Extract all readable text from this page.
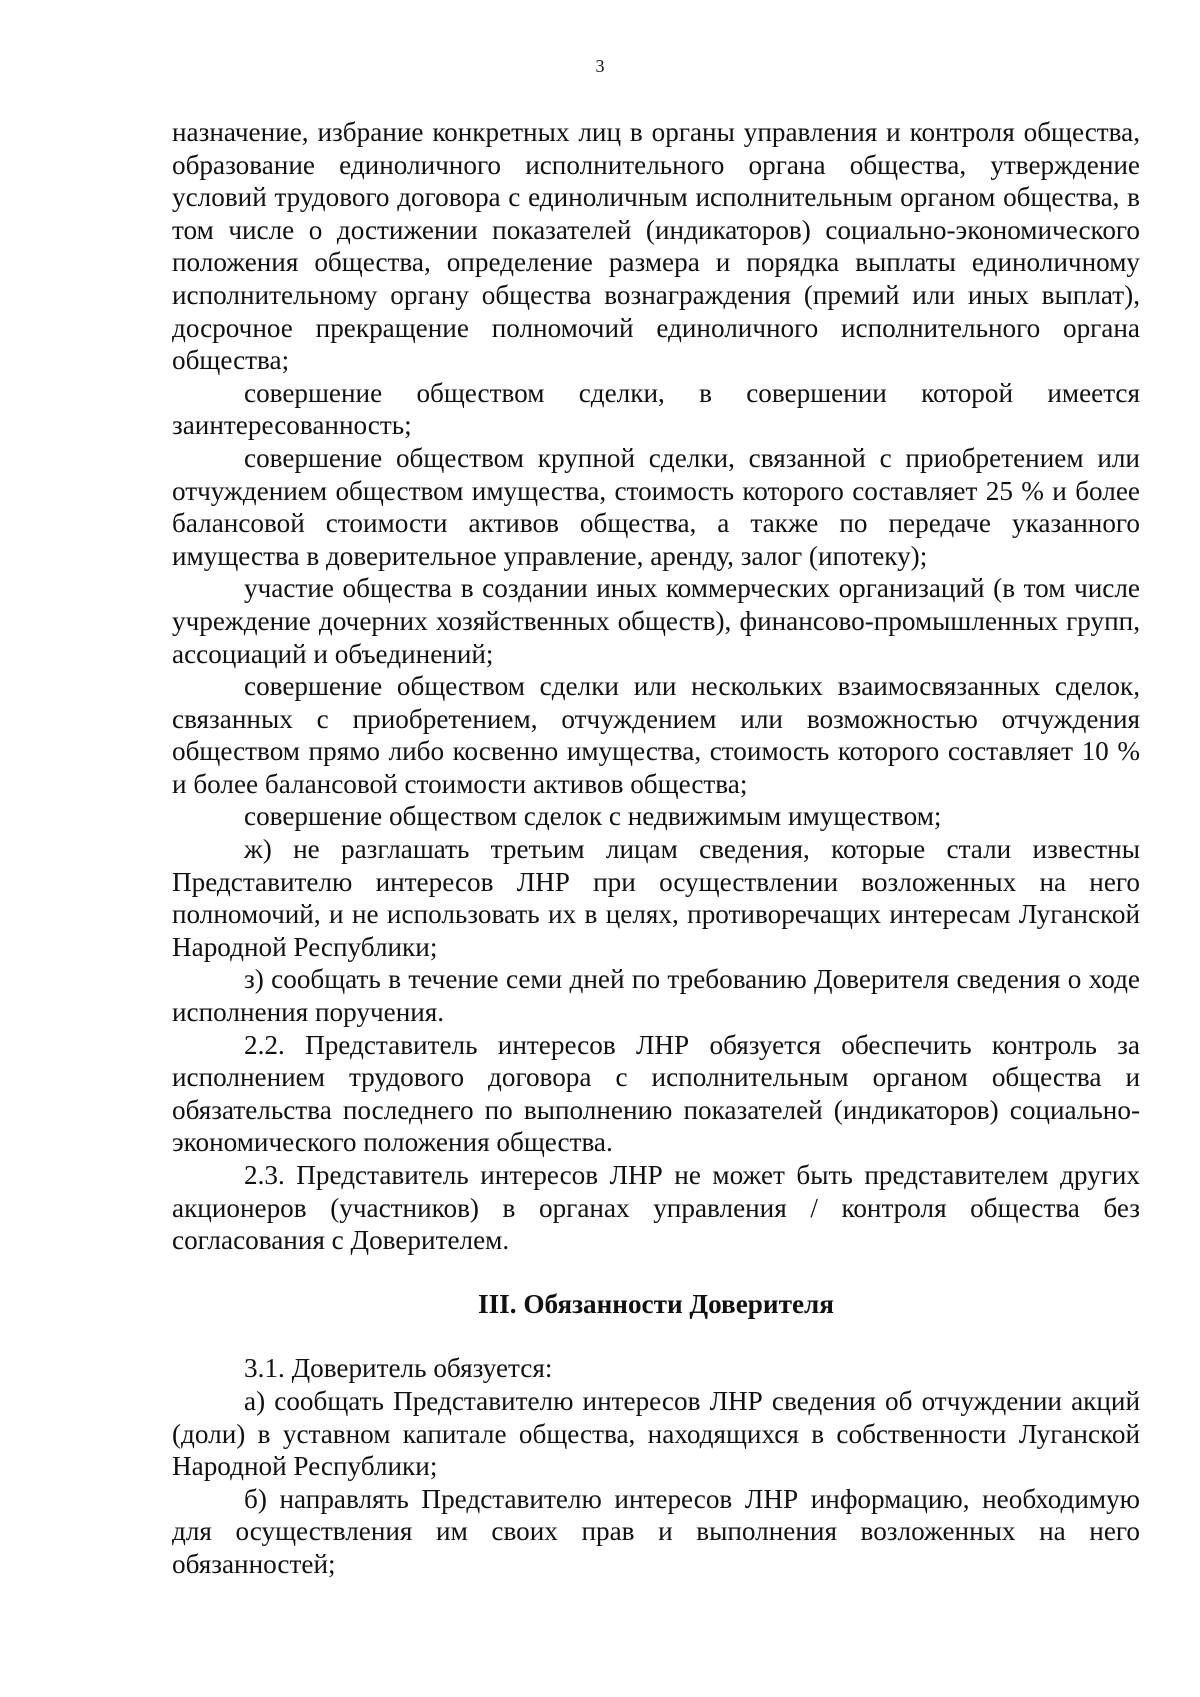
3

назначение, избрание конкретных лиц в органы управления и контроля общества, образование единоличного исполнительного органа общества, утверждение условий трудового договора с единоличным исполнительным органом общества, в том числе о достижении показателей (индикаторов) социально-экономического положения общества, определение размера и порядка выплаты единоличному исполнительному органу общества вознаграждения (премий или иных выплат), досрочное прекращение полномочий единоличного исполнительного органа общества;

совершение обществом сделки, в совершении которой имеется заинтересованность;

совершение обществом крупной сделки, связанной с приобретением или отчуждением обществом имущества, стоимость которого составляет 25 % и более балансовой стоимости активов общества, а также по передаче указанного имущества в доверительное управление, аренду, залог (ипотеку);

участие общества в создании иных коммерческих организаций (в том числе учреждение дочерних хозяйственных обществ), финансово-промышленных групп, ассоциаций и объединений;

совершение обществом сделки или нескольких взаимосвязанных сделок, связанных с приобретением, отчуждением или возможностью отчуждения обществом прямо либо косвенно имущества, стоимость которого составляет 10 % и более балансовой стоимости активов общества;

совершение обществом сделок с недвижимым имуществом;

ж) не разглашать третьим лицам сведения, которые стали известны Представителю интересов ЛНР при осуществлении возложенных на него полномочий, и не использовать их в целях, противоречащих интересам Луганской Народной Республики;

з) сообщать в течение семи дней по требованию Доверителя сведения о ходе исполнения поручения.

2.2. Представитель интересов ЛНР обязуется обеспечить контроль за исполнением трудового договора с исполнительным органом общества и обязательства последнего по выполнению показателей (индикаторов) социально-экономического положения общества.

2.3. Представитель интересов ЛНР не может быть представителем других акционеров (участников) в органах управления / контроля общества без согласования с Доверителем.

III. Обязанности Доверителя

3.1. Доверитель обязуется:

а) сообщать Представителю интересов ЛНР сведения об отчуждении акций (доли) в уставном капитале общества, находящихся в собственности Луганской Народной Республики;

б) направлять Представителю интересов ЛНР информацию, необходимую для осуществления им своих прав и выполнения возложенных на него обязанностей;
